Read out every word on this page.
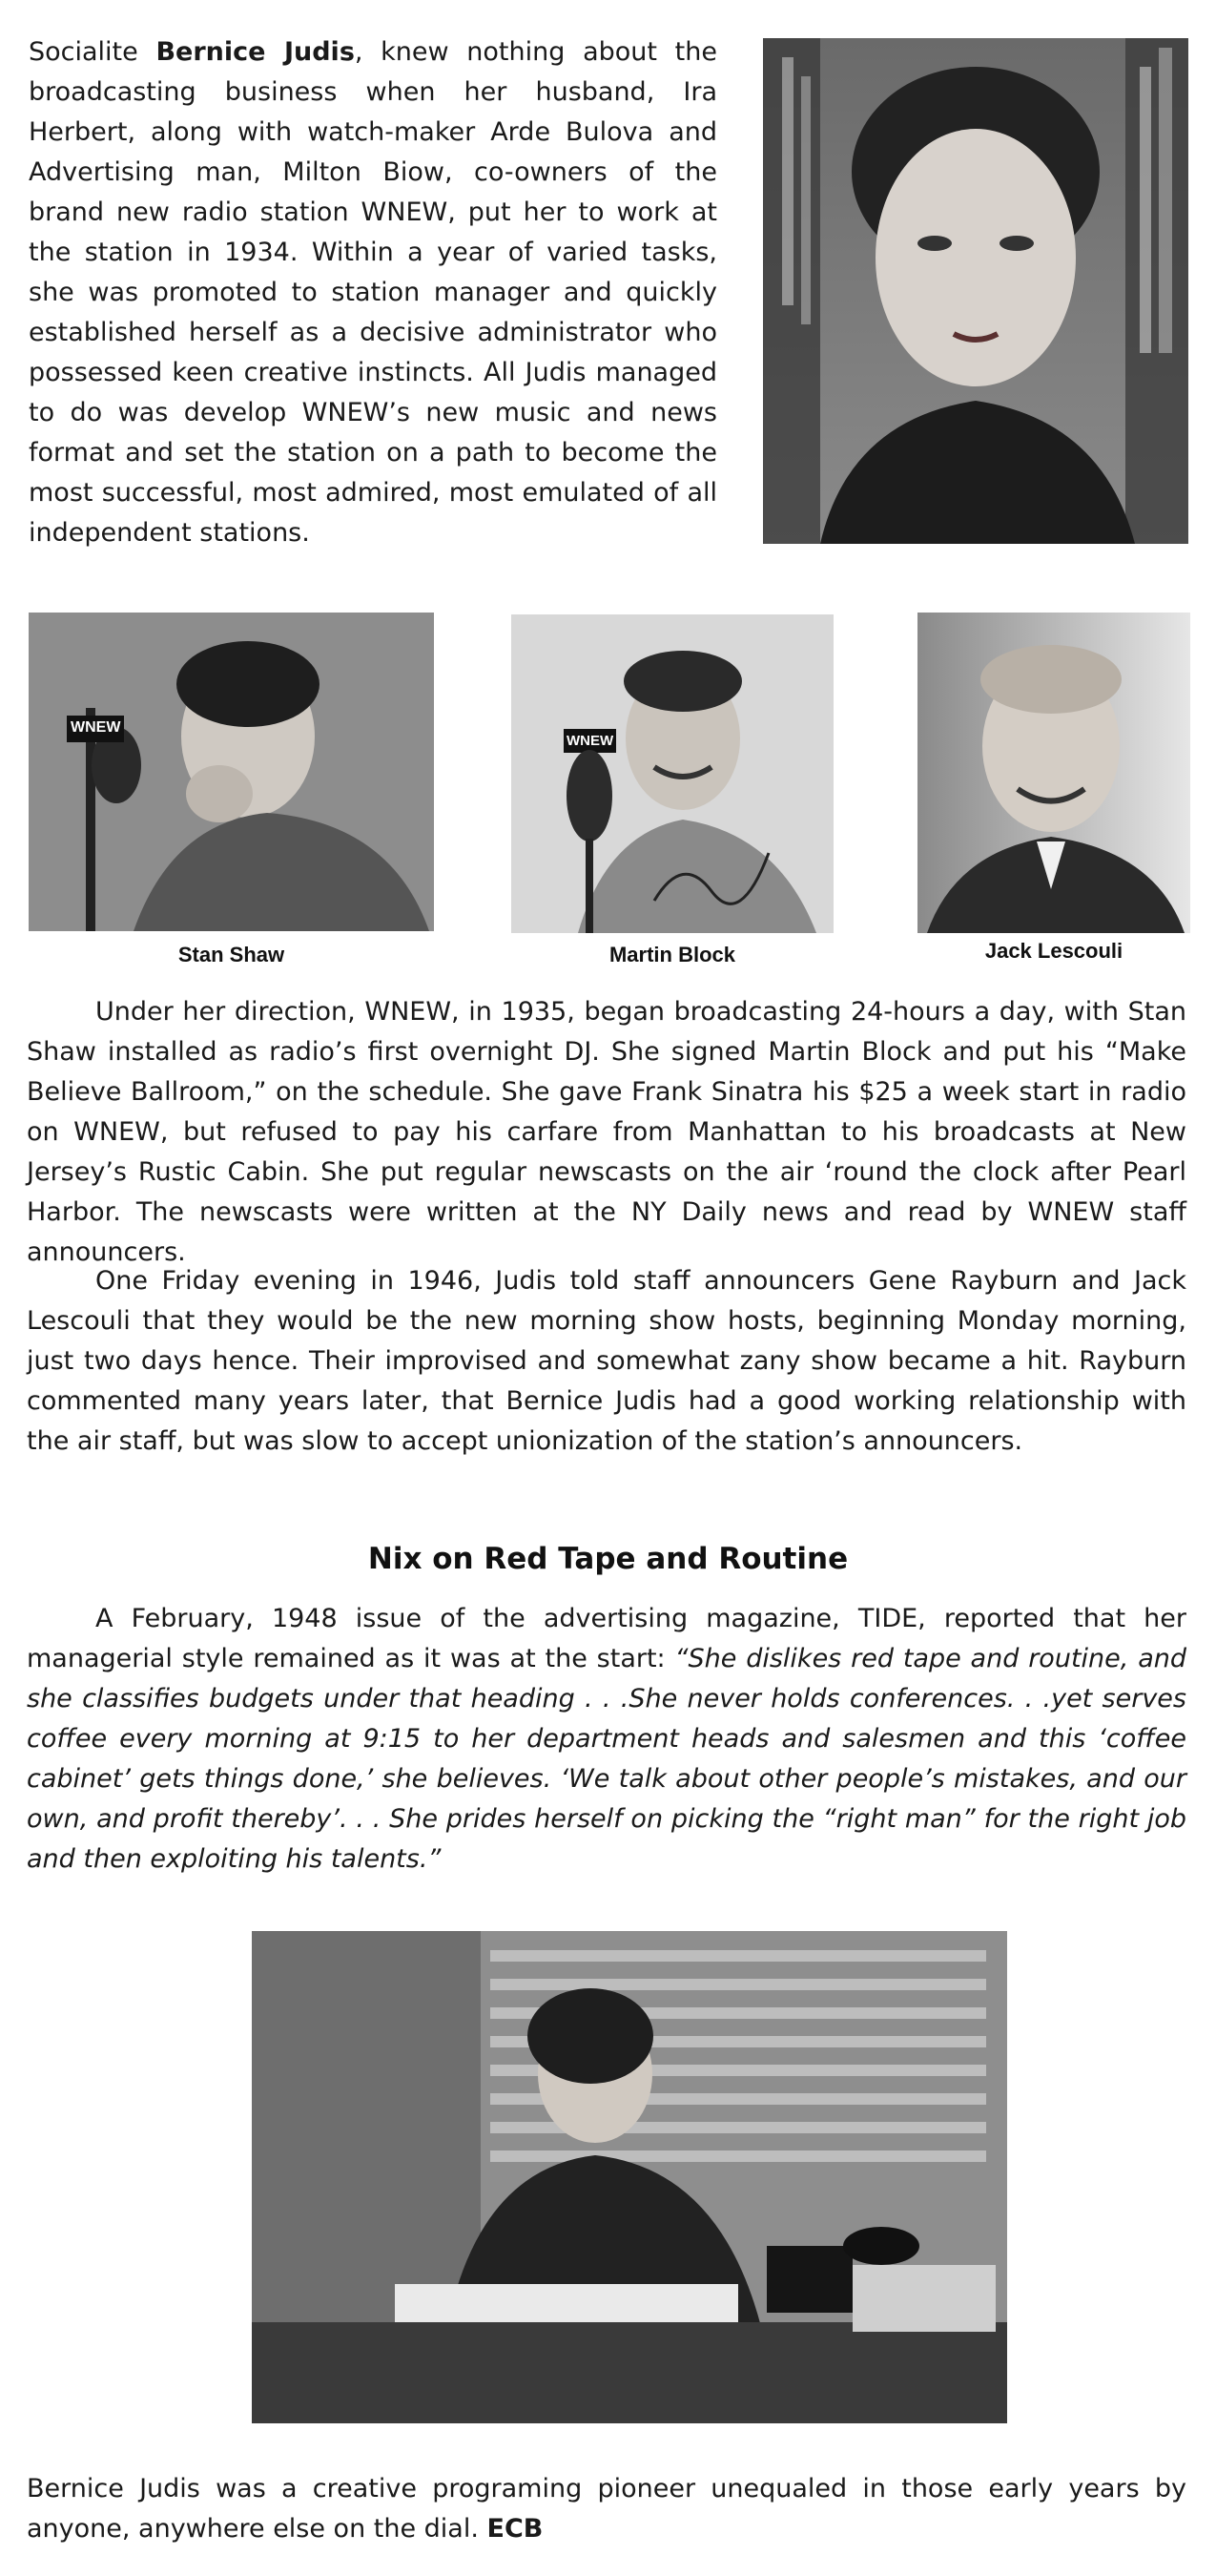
Socialite Bernice Judis, knew nothing about the broadcasting business when her husband, Ira Herbert, along with watch-maker Arde Bulova and Advertising man, Milton Biow, co-owners of the brand new radio station WNEW, put her to work at the station in 1934. Within a year of varied tasks, she was promoted to station manager and quickly established herself as a decisive administrator who possessed keen creative instincts. All Judis managed to do was develop WNEW’s new music and news format and set the station on a path to become the most successful, most admired, most emulated of all independent stations.

WNEW
WNEW
Stan Shaw	Martin Block	Jack Lescouli

Under her direction, WNEW, in 1935, began broadcasting 24-hours a day, with Stan Shaw installed as radio’s first overnight DJ. She signed Martin Block and put his “Make Believe Ballroom,” on the schedule. She gave Frank Sinatra his $25 a week start in radio on WNEW, but refused to pay his carfare from Manhattan to his broadcasts at New Jersey’s Rustic Cabin. She put regular newscasts on the air ‘round the clock after Pearl Harbor. The newscasts were written at the NY Daily news and read by WNEW staff announcers.

One Friday evening in 1946, Judis told staff announcers Gene Rayburn and Jack Lescouli that they would be the new morning show hosts, beginning Monday morning, just two days hence. Their improvised and somewhat zany show became a hit. Rayburn commented many years later, that Bernice Judis had a good working relationship with the air staff, but was slow to accept unionization of the station’s announcers.

Nix on Red Tape and Routine

A February, 1948 issue of the advertising magazine, TIDE, reported that her managerial style remained as it was at the start: “She dislikes red tape and routine, and she classifies budgets under that heading . . .She never holds conferences. . .yet serves coffee every morning at 9:15 to her department heads and salesmen and this ‘coffee cabinet’ gets things done,’ she believes. ‘We talk about other people’s mistakes, and our own, and profit thereby’. . . She prides herself on picking the “right man” for the right job and then exploiting his talents.”

Bernice Judis was a creative programing pioneer unequaled in those early years by anyone, anywhere else on the dial. ECB
